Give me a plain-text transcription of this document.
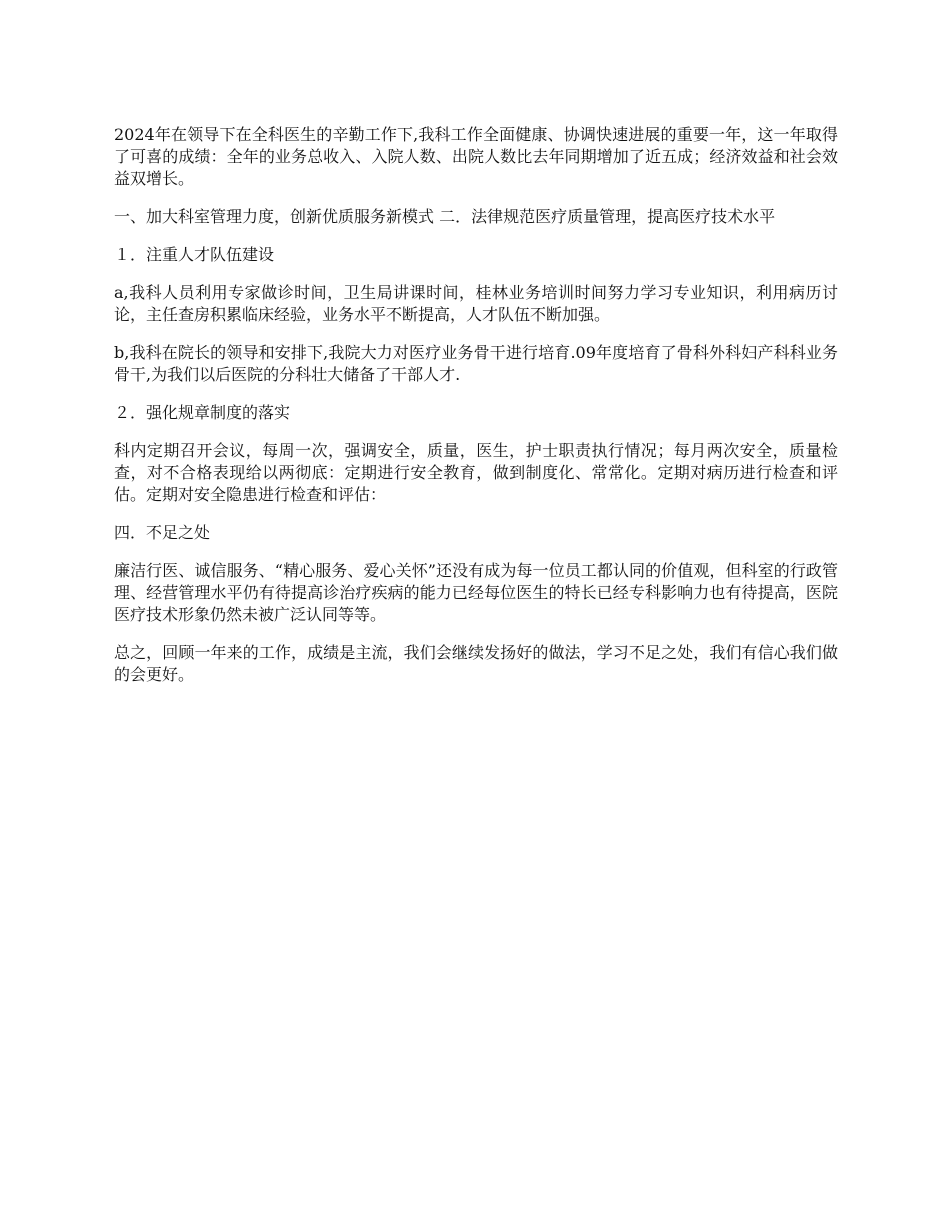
2024年在领导下在全科医生的辛勤工作下,我科工作全面健康、协调快速进展的重要一年，这一年取得了可喜的成绩：全年的业务总收入、入院人数、出院人数比去年同期增加了近五成；经济效益和社会效益双增长。

一、加大科室管理力度，创新优质服务新模式 二．法律规范医疗质量管理，提高医疗技术水平

１．注重人才队伍建设

a,我科人员利用专家做诊时间，卫生局讲课时间，桂林业务培训时间努力学习专业知识，利用病历讨论，主任查房积累临床经验，业务水平不断提高，人才队伍不断加强。

b,我科在院长的领导和安排下,我院大力对医疗业务骨干进行培育.09年度培育了骨科外科妇产科科业务骨干,为我们以后医院的分科壮大储备了干部人才.

２．强化规章制度的落实

科内定期召开会议，每周一次，强调安全，质量，医生，护士职责执行情况；每月两次安全，质量检查，对不合格表现给以两彻底：定期进行安全教育，做到制度化、常常化。定期对病历进行检查和评估。定期对安全隐患进行检查和评估：

四．不足之处

廉洁行医、诚信服务、“精心服务、爱心关怀”还没有成为每一位员工都认同的价值观，但科室的行政管理、经营管理水平仍有待提高诊治疗疾病的能力已经每位医生的特长已经专科影响力也有待提高，医院医疗技术形象仍然未被广泛认同等等。

总之，回顾一年来的工作，成绩是主流，我们会继续发扬好的做法，学习不足之处，我们有信心我们做的会更好。
